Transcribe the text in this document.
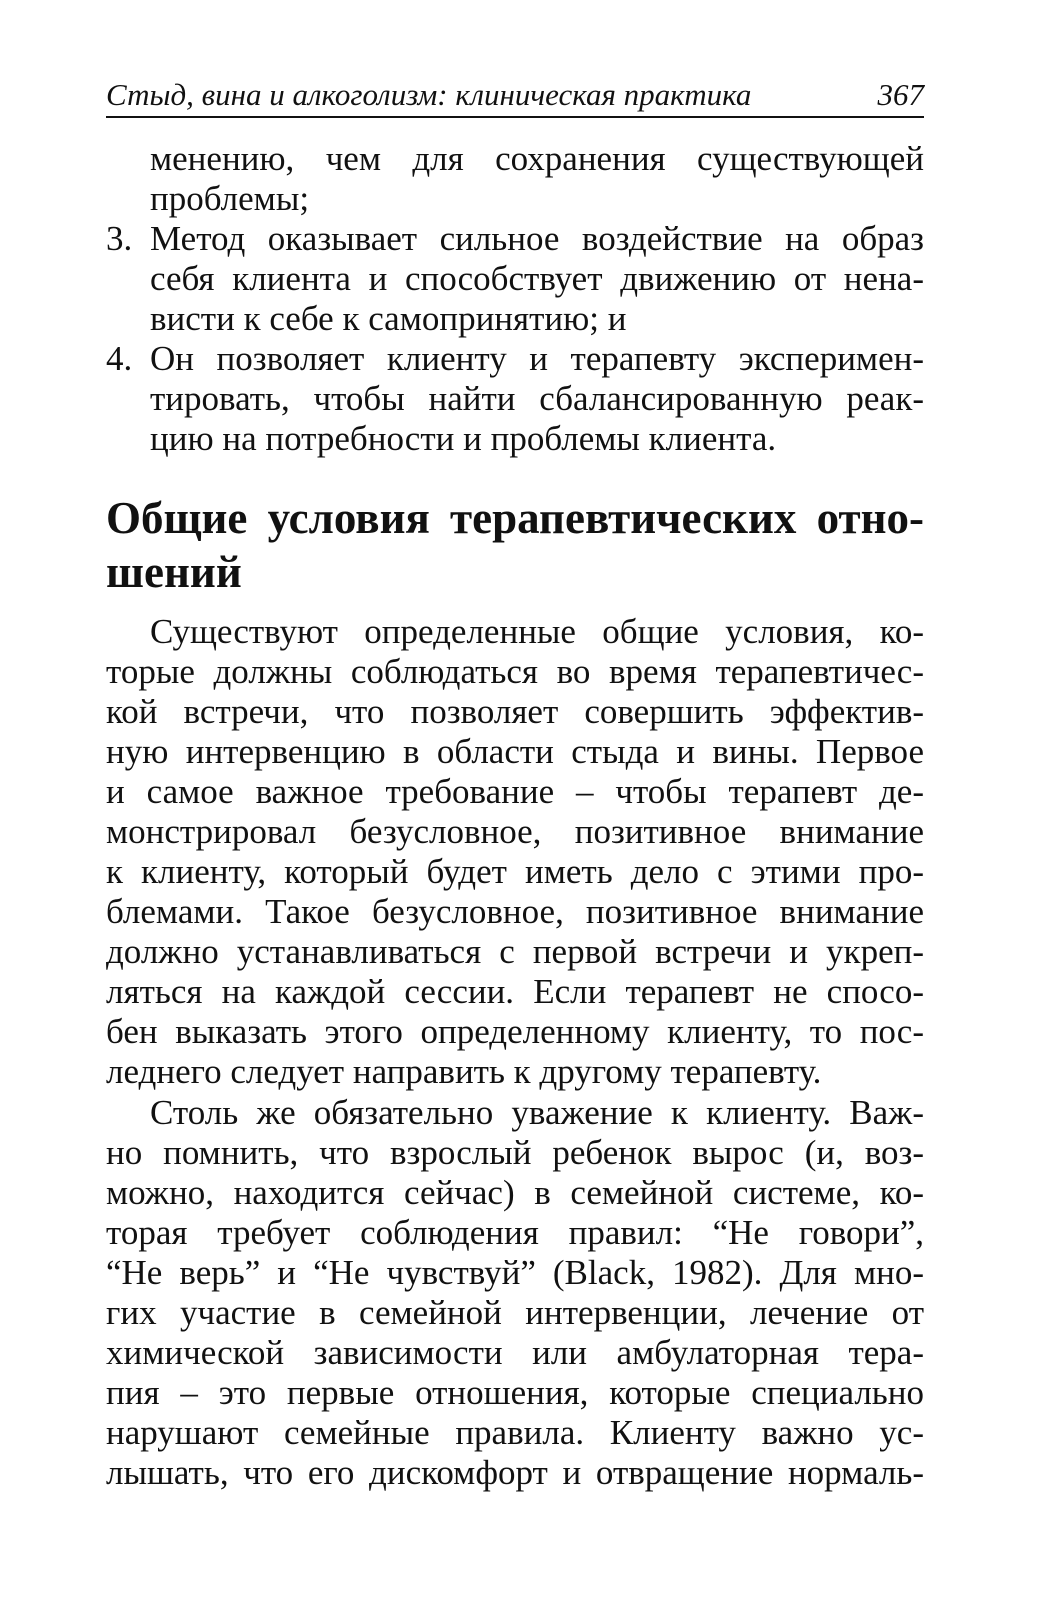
Стыд, вина и алкоголизм: клиническая практика	367
менению, чем для сохранения существующей
проблемы;
3. Метод оказывает сильное воздействие на образ
себя клиента и способствует движению от нена-
висти к себе к самопринятию; и
4. Он позволяет клиенту и терапевту эксперимен-
тировать, чтобы найти сбалансированную реак-
цию на потребности и проблемы клиента.
Общие условия терапевтических отно-
шений
Существуют определенные общие условия, ко-
торые должны соблюдаться во время терапевтичес-
кой встречи, что позволяет совершить эффектив-
ную интервенцию в области стыда и вины. Первое
и самое важное требование – чтобы терапевт де-
монстрировал безусловное, позитивное внимание
к клиенту, который будет иметь дело с этими про-
блемами. Такое безусловное, позитивное внимание
должно устанавливаться с первой встречи и укреп-
ляться на каждой сессии. Если терапевт не спосо-
бен выказать этого определенному клиенту, то пос-
леднего следует направить к другому терапевту.
Столь же обязательно уважение к клиенту. Важ-
но помнить, что взрослый ребенок вырос (и, воз-
можно, находится сейчас) в семейной системе, ко-
торая требует соблюдения правил: “Не говори”,
“Не верь” и “Не чувствуй” (Black, 1982). Для мно-
гих участие в семейной интервенции, лечение от
химической зависимости или амбулаторная тера-
пия – это первые отношения, которые специально
нарушают семейные правила. Клиенту важно ус-
лышать, что его дискомфорт и отвращение нормаль-
